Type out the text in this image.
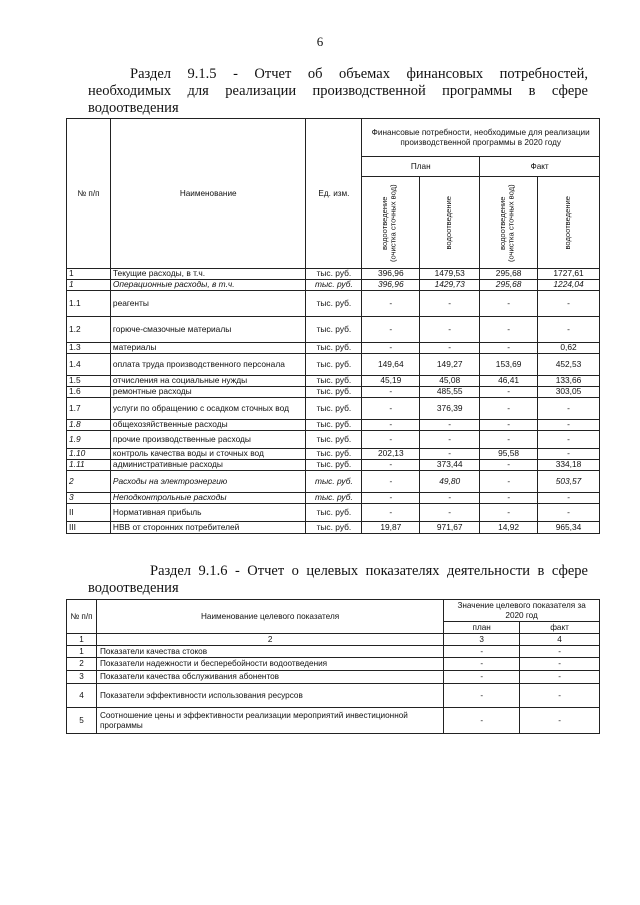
6
Раздел 9.1.5 - Отчет об объемах финансовых потребностей,
необходимых для реализации производственной программы в сфере
водоотведения
№ п/п	Наименование	Ед. изм.	Финансовые потребности, необходимые для реализации производственной программы в 2020 году			
			План		Факт	

			водоотведение (очистка сточных вод)	водоотведение	водоотведение (очистка сточных вод)	водоотведение

1	Текущие расходы, в т.ч.	тыс. руб.	396,96	1479,53	295,68	1727,61
1	Операционные расходы, в т.ч.	тыс. руб.	396,96	1429,73	295,68	1224,04
1.1	реагенты	тыс. руб.	-	-	-	-
1.2	горюче-смазочные материалы	тыс. руб.	-	-	-	-
1.3	материалы	тыс. руб.	-	-	-	0,62
1.4	оплата труда производственного персонала	тыс. руб.	149,64	149,27	153,69	452,53
1.5	отчисления на социальные нужды	тыс. руб.	45,19	45,08	46,41	133,66
1.6	ремонтные расходы	тыс. руб.	-	485,55	-	303,05
1.7	услуги по обращению с осадком сточных вод	тыс. руб.	-	376,39	-	-
1.8	общехозяйственные расходы	тыс. руб.	-	-	-	-
1.9	прочие производственные расходы	тыс. руб.	-	-	-	-
1.10	контроль качества воды и сточных вод	тыс. руб.	202,13	-	95,58	-
1.11	административные расходы	тыс. руб.	-	373,44	-	334,18
2	Расходы на электроэнергию	тыс. руб.	-	49,80	-	503,57
3	Неподконтрольные расходы	тыс. руб.	-	-	-	-
II	Нормативная прибыль	тыс. руб.	-	-	-	-
III	НВВ от сторонних потребителей	тыс. руб.	19,87	971,67	14,92	965,34
Раздел 9.1.6 - Отчет о целевых показателях деятельности в сфере
водоотведения
№ п/п	Наименование целевого показателя	Значение целевого показателя за 2020 год	
		план	факт
1	2	3	4
1	Показатели качества стоков	-	-
2	Показатели надежности и бесперебойности водоотведения	-	-
3	Показатели качества обслуживания абонентов	-	-
4	Показатели эффективности использования ресурсов	-	-
5	Соотношение цены и эффективности реализации мероприятий инвестиционной программы	-	-
